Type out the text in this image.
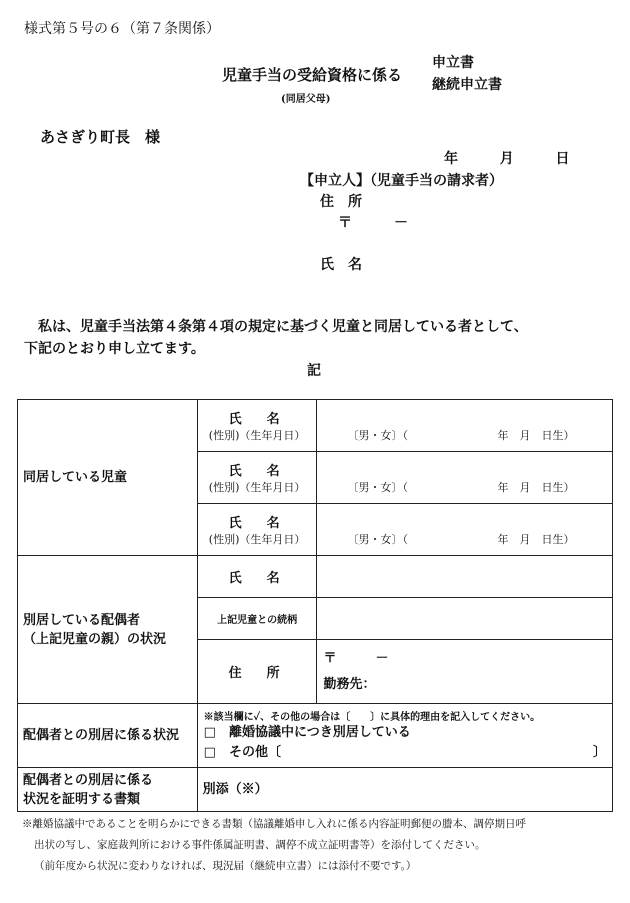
様式第５号の６（第７条関係）
児童手当の受給資格に係る
(同居父母)
申立書
継続申立書
あさぎり町長　様
年	月	日
【申立人】（児童手当の請求者）
住　所
〒　　　－
氏　名
私は、児童手当法第４条第４項の規定に基づく児童と同居している者として、
下記のとおり申し立てます。
記
同居している児童	氏　名
(性別)（生年月日）	〔男・女〕（ 年　月　日生）

	氏　名
(性別)（生年月日）	〔男・女〕（ 年　月　日生）

	氏　名
(性別)（生年月日）	〔男・女〕（ 年　月　日生）

別居している配偶者
（上記児童の親）の状況	氏　名	

	上記児童との続柄	

	住　所	〒　　　－
勤務先：

配偶者との別居に係る状況	※該当欄に✓、その他の場合は〔　　〕に具体的理由を記入してください。
□　離婚協議中につき別居している
□　その他〔 〕	

配偶者との別居に係る
状況を証明する書類	別添（※）	
※離婚協議中であることを明らかにできる書類（協議離婚申し入れに係る内容証明郵便の謄本、調停期日呼
出状の写し、家庭裁判所における事件係属証明書、調停不成立証明書等）を添付してください。
（前年度から状況に変わりなければ、現況届（継続申立書）には添付不要です。）
